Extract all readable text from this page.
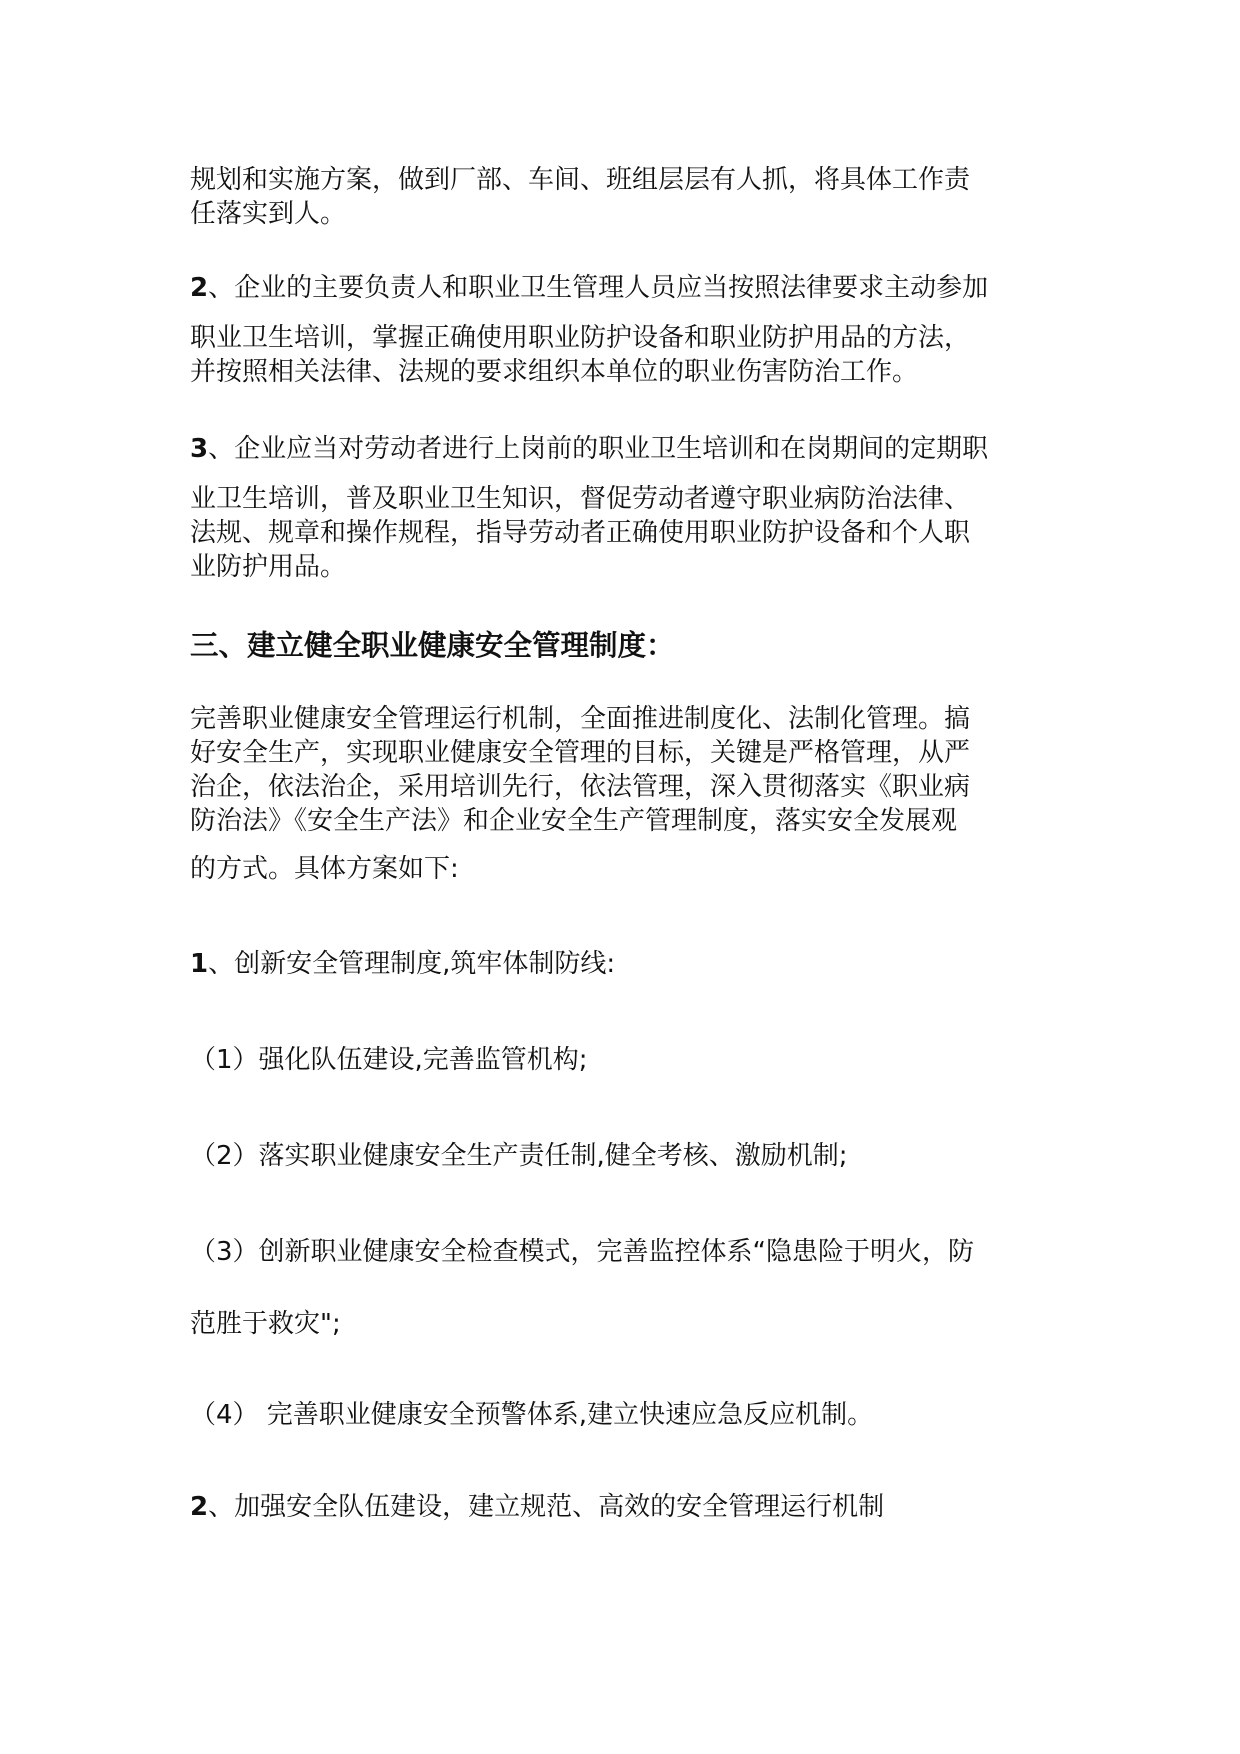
规划和实施方案，做到厂部、车间、班组层层有人抓，将具体工作责

任落实到人。

2、企业的主要负责人和职业卫生管理人员应当按照法律要求主动参加

职业卫生培训，掌握正确使用职业防护设备和职业防护用品的方法，

并按照相关法律、法规的要求组织本单位的职业伤害防治工作。

3、企业应当对劳动者进行上岗前的职业卫生培训和在岗期间的定期职

业卫生培训，普及职业卫生知识，督促劳动者遵守职业病防治法律、

法规、规章和操作规程，指导劳动者正确使用职业防护设备和个人职

业防护用品。

三、建立健全职业健康安全管理制度：

完善职业健康安全管理运行机制，全面推进制度化、法制化管理。搞

好安全生产，实现职业健康安全管理的目标，关键是严格管理，从严

治企，依法治企，采用培训先行，依法管理，深入贯彻落实《职业病

防治法》《安全生产法》和企业安全生产管理制度，落实安全发展观

的方式。具体方案如下:

1、创新安全管理制度,筑牢体制防线:

（1）强化队伍建设,完善监管机构;

（2）落实职业健康安全生产责任制,健全考核、激励机制;

（3）创新职业健康安全检查模式，完善监控体系“隐患险于明火，防

范胜于救灾";

（4） 完善职业健康安全预警体系,建立快速应急反应机制。

2、加强安全队伍建设，建立规范、高效的安全管理运行机制
